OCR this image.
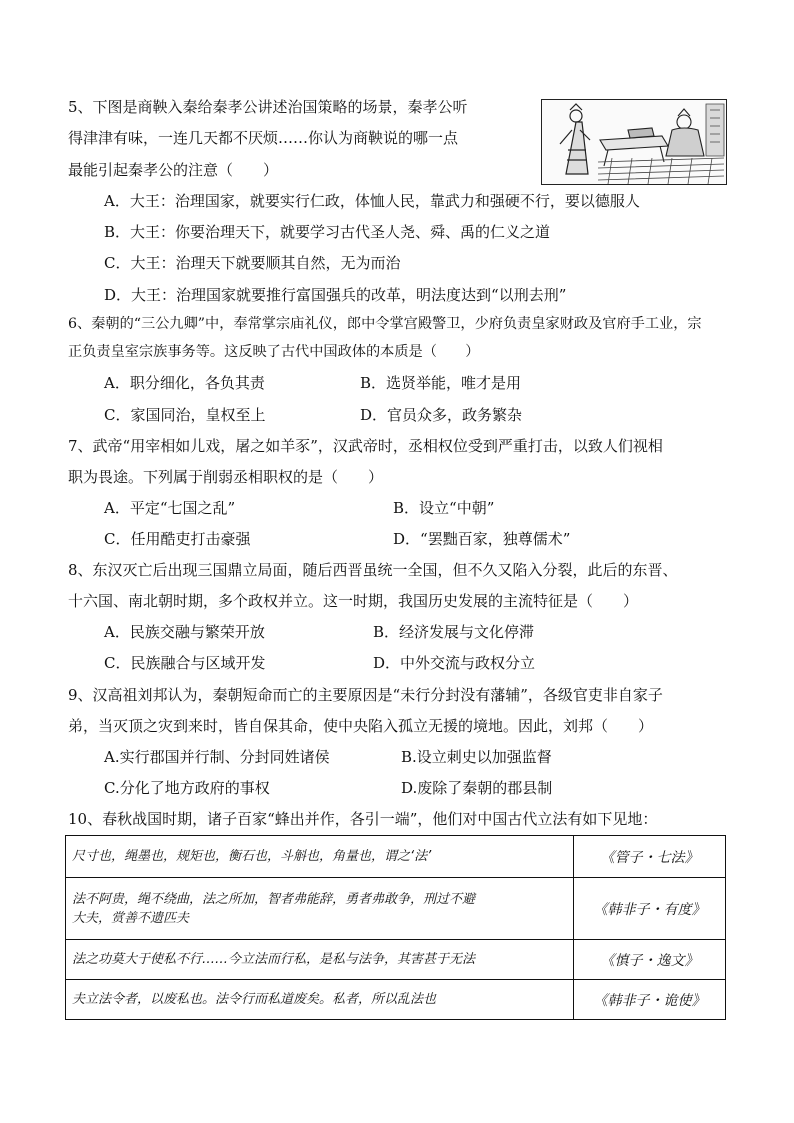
5、下图是商鞅入秦给秦孝公讲述治国策略的场景，秦孝公听
得津津有味，一连几天都不厌烦……你认为商鞅说的哪一点
最能引起秦孝公的注意（　　）
A．大王：治理国家，就要实行仁政，体恤人民，靠武力和强硬不行，要以德服人
B．大王：你要治理天下，就要学习古代圣人尧、舜、禹的仁义之道
C．大王：治理天下就要顺其自然，无为而治
D．大王：治理国家就要推行富国强兵的改革，明法度达到“以刑去刑”
6、秦朝的“三公九卿”中，奉常掌宗庙礼仪，郎中令掌宫殿警卫，少府负责皇家财政及官府手工业，宗
正负责皇室宗族事务等。这反映了古代中国政体的本质是（　　）
A．职分细化，各负其责	B．选贤举能，唯才是用
C．家国同治，皇权至上	D．官员众多，政务繁杂
7、武帝“用宰相如儿戏，屠之如羊豕”，汉武帝时，丞相权位受到严重打击，以致人们视相
职为畏途。下列属于削弱丞相职权的是（　　）
A．平定“七国之乱”	B．设立“中朝”
C．任用酷吏打击豪强	D．“罢黜百家，独尊儒术”
8、东汉灭亡后出现三国鼎立局面，随后西晋虽统一全国，但不久又陷入分裂，此后的东晋、
十六国、南北朝时期，多个政权并立。这一时期，我国历史发展的主流特征是（　　）
A．民族交融与繁荣开放	B．经济发展与文化停滞
C．民族融合与区域开发	D．中外交流与政权分立
9、汉高祖刘邦认为，秦朝短命而亡的主要原因是“未行分封没有藩辅”，各级官吏非自家子
弟，当灭顶之灾到来时，皆自保其命，使中央陷入孤立无援的境地。因此，刘邦（　　）
A.实行郡国并行制、分封同姓诸侯	B.设立刺史以加强监督
C.分化了地方政府的事权	D.废除了秦朝的郡县制
10、春秋战国时期，诸子百家“蜂出并作，各引一端”，他们对中国古代立法有如下见地：
尺寸也，绳墨也，规矩也，衡石也，斗斛也，角量也，谓之‘法’	《管子・七法》

法不阿贵，绳不绕曲，法之所加，智者弗能辞，勇者弗敢争，刑过不避
大夫，赏善不遗匹夫	《韩非子・有度》
法之功莫大于使私不行……今立法而行私，是私与法争，其害甚于无法	《慎子・逸文》
夫立法令者，以废私也。法令行而私道废矣。私者，所以乱法也	《韩非子・诡使》
